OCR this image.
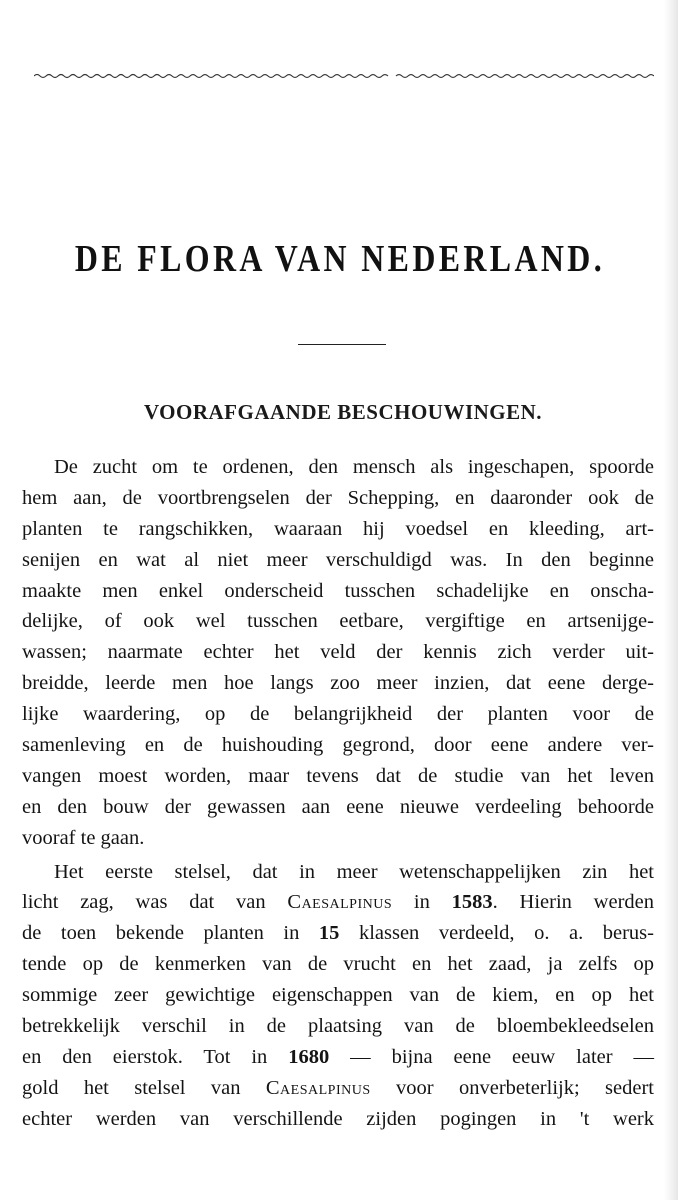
DE FLORA VAN NEDERLAND.
VOORAFGAANDE BESCHOUWINGEN.
De zucht om te ordenen, den mensch als ingeschapen, spoorde
hem aan, de voortbrengselen der Schepping, en daaronder ook de
planten te rangschikken, waaraan hij voedsel en kleeding, art-
senijen en wat al niet meer verschuldigd was. In den beginne
maakte men enkel onderscheid tusschen schadelijke en onscha-
delijke, of ook wel tusschen eetbare, vergiftige en artsenijge-
wassen; naarmate echter het veld der kennis zich verder uit-
breidde, leerde men hoe langs zoo meer inzien, dat eene derge-
lijke waardering, op de belangrijkheid der planten voor de
samenleving en de huishouding gegrond, door eene andere ver-
vangen moest worden, maar tevens dat de studie van het leven
en den bouw der gewassen aan eene nieuwe verdeeling behoorde
vooraf te gaan.
Het eerste stelsel, dat in meer wetenschappelijken zin het
licht zag, was dat van Caesalpinus in 1583. Hierin werden
de toen bekende planten in 15 klassen verdeeld, o. a. berus-
tende op de kenmerken van de vrucht en het zaad, ja zelfs op
sommige zeer gewichtige eigenschappen van de kiem, en op het
betrekkelijk verschil in de plaatsing van de bloembekleedselen
en den eierstok. Tot in 1680 — bijna eene eeuw later —
gold het stelsel van Caesalpinus voor onverbeterlijk; sedert
echter werden van verschillende zijden pogingen in 't werk
